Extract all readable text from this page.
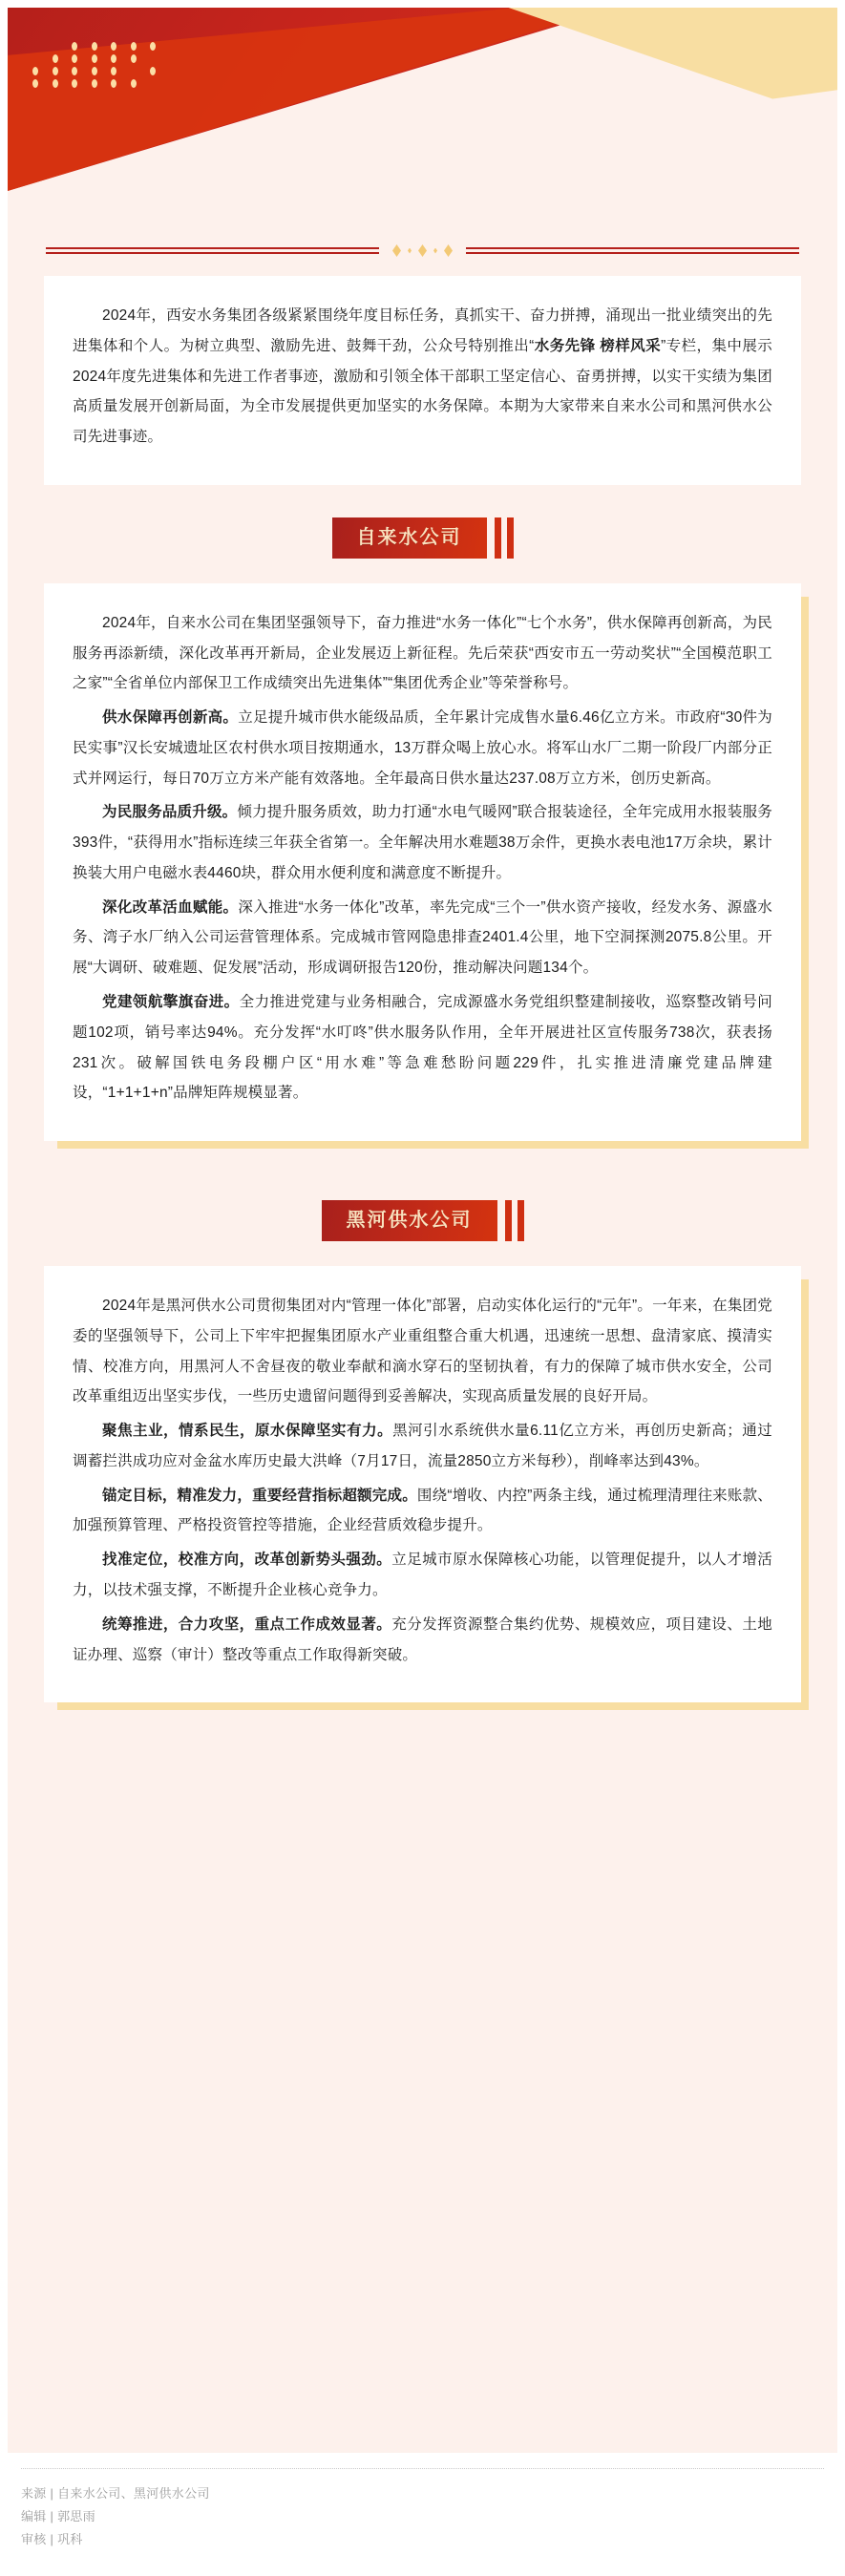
2024年，西安水务集团各级紧紧围绕年度目标任务，真抓实干、奋力拼搏，涌现出一批业绩突出的先进集体和个人。为树立典型、激励先进、鼓舞干劲，公众号特别推出“水务先锋 榜样风采”专栏，集中展示2024年度先进集体和先进工作者事迹，激励和引领全体干部职工坚定信心、奋勇拼搏，以实干实绩为集团高质量发展开创新局面，为全市发展提供更加坚实的水务保障。本期为大家带来自来水公司和黑河供水公司先进事迹。

自来水公司

2024年，自来水公司在集团坚强领导下，奋力推进“水务一体化”“七个水务”，供水保障再创新高，为民服务再添新绩，深化改革再开新局，企业发展迈上新征程。先后荣获“西安市五一劳动奖状”“全国模范职工之家”“全省单位内部保卫工作成绩突出先进集体”“集团优秀企业”等荣誉称号。

供水保障再创新高。立足提升城市供水能级品质，全年累计完成售水量6.46亿立方米。市政府“30件为民实事”汉长安城遗址区农村供水项目按期通水，13万群众喝上放心水。将军山水厂二期一阶段厂内部分正式并网运行，每日70万立方米产能有效落地。全年最高日供水量达237.08万立方米，创历史新高。

为民服务品质升级。倾力提升服务质效，助力打通“水电气暖网”联合报装途径，全年完成用水报装服务393件，“获得用水”指标连续三年获全省第一。全年解决用水难题38万余件，更换水表电池17万余块，累计换装大用户电磁水表4460块，群众用水便利度和满意度不断提升。

深化改革活血赋能。深入推进“水务一体化”改革，率先完成“三个一”供水资产接收，经发水务、源盛水务、湾子水厂纳入公司运营管理体系。完成城市管网隐患排查2401.4公里，地下空洞探测2075.8公里。开展“大调研、破难题、促发展”活动，形成调研报告120份，推动解决问题134个。

党建领航擎旗奋进。全力推进党建与业务相融合，完成源盛水务党组织整建制接收，巡察整改销号问题102项，销号率达94%。充分发挥“水叮咚”供水服务队作用，全年开展进社区宣传服务738次，获表扬231次。破解国铁电务段棚户区“用水难”等急难愁盼问题229件，扎实推进清廉党建品牌建设，“1+1+1+n”品牌矩阵规模显著。

黑河供水公司

2024年是黑河供水公司贯彻集团对内“管理一体化”部署，启动实体化运行的“元年”。一年来，在集团党委的坚强领导下，公司上下牢牢把握集团原水产业重组整合重大机遇，迅速统一思想、盘清家底、摸清实情、校准方向，用黑河人不舍昼夜的敬业奉献和滴水穿石的坚韧执着，有力的保障了城市供水安全，公司改革重组迈出坚实步伐，一些历史遗留问题得到妥善解决，实现高质量发展的良好开局。

聚焦主业，情系民生，原水保障坚实有力。黑河引水系统供水量6.11亿立方米，再创历史新高；通过调蓄拦洪成功应对金盆水库历史最大洪峰（7月17日，流量2850立方米每秒），削峰率达到43%。

锚定目标，精准发力，重要经营指标超额完成。围绕“增收、内控”两条主线，通过梳理清理往来账款、加强预算管理、严格投资管控等措施，企业经营质效稳步提升。

找准定位，校准方向，改革创新势头强劲。立足城市原水保障核心功能，以管理促提升，以人才增活力，以技术强支撑，不断提升企业核心竞争力。

统筹推进，合力攻坚，重点工作成效显著。充分发挥资源整合集约优势、规模效应，项目建设、土地证办理、巡察（审计）整改等重点工作取得新突破。

来源 | 自来水公司、黑河供水公司
编辑 | 郭思雨
审核 | 巩科
